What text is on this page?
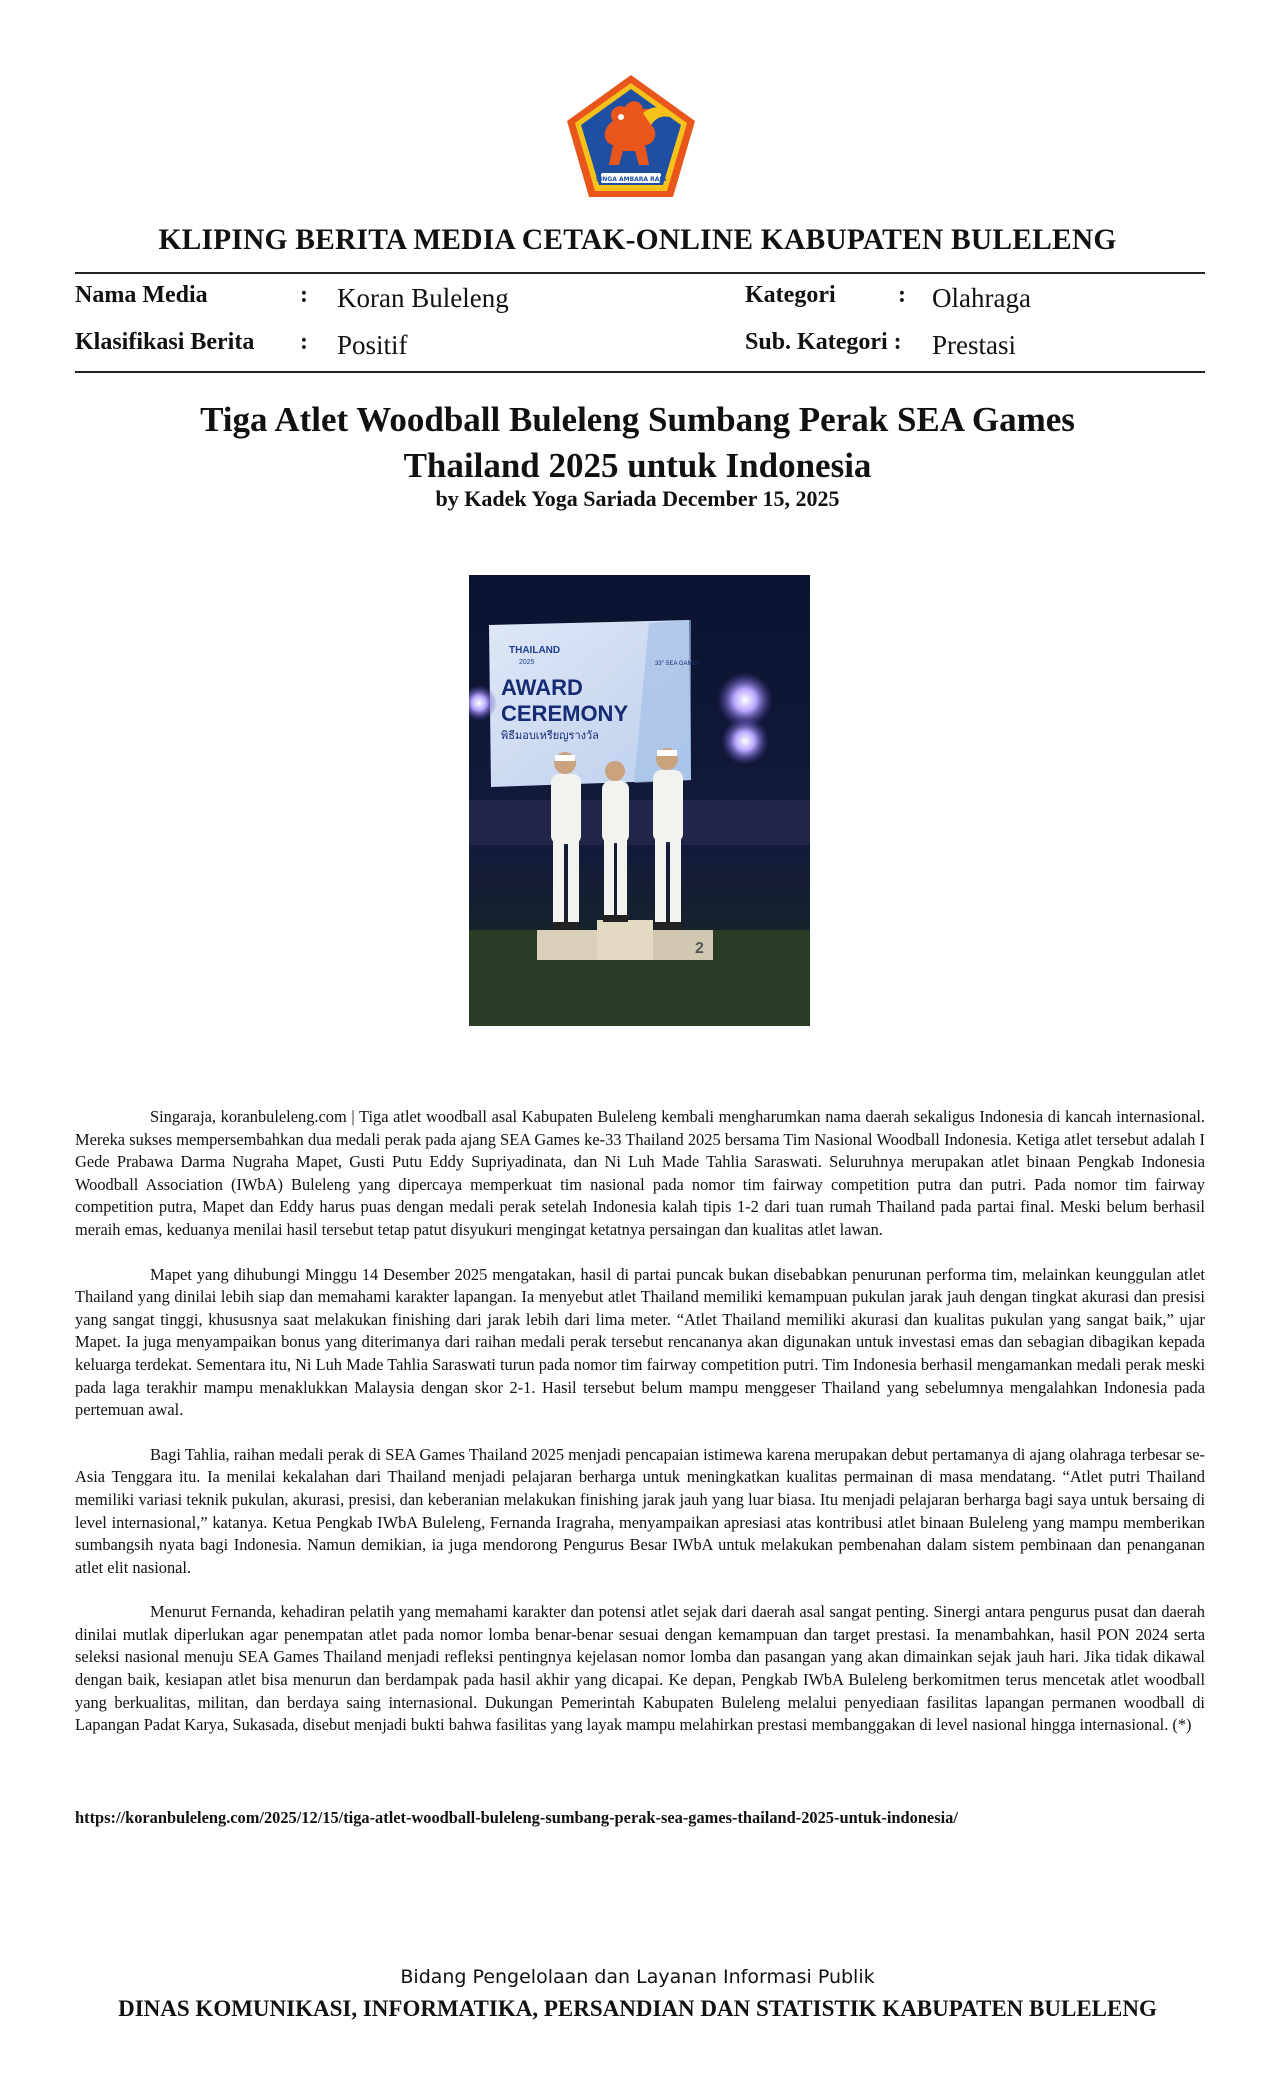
SINGA AMBARA RAJA
KLIPING BERITA MEDIA CETAK-ONLINE KABUPATEN BULELENG
Nama Media	: Koran Buleleng
Klasifikasi Berita : Positif
Kategori	: Olahraga
Sub. Kategori : Prestasi
Tiga Atlet Woodball Buleleng Sumbang Perak SEA Games
Thailand 2025 untuk Indonesia
by Kadek Yoga Sariada December 15, 2025
THAILAND
2025
AWARD
CEREMONY
พิธีมอบเหรียญรางวัล
33" SEA GAMES
2

Singaraja, koranbuleleng.com | Tiga atlet woodball asal Kabupaten Buleleng kembali mengharumkan nama daerah sekaligus Indonesia di kancah internasional. Mereka sukses mempersembahkan dua medali perak pada ajang SEA Games ke-33 Thailand 2025 bersama Tim Nasional Woodball Indonesia. Ketiga atlet tersebut adalah I Gede Prabawa Darma Nugraha Mapet, Gusti Putu Eddy Supriyadinata, dan Ni Luh Made Tahlia Saraswati. Seluruhnya merupakan atlet binaan Pengkab Indonesia Woodball Association (IWbA) Buleleng yang dipercaya memperkuat tim nasional pada nomor tim fairway competition putra dan putri. Pada nomor tim fairway competition putra, Mapet dan Eddy harus puas dengan medali perak setelah Indonesia kalah tipis 1-2 dari tuan rumah Thailand pada partai final. Meski belum berhasil meraih emas, keduanya menilai hasil tersebut tetap patut disyukuri mengingat ketatnya persaingan dan kualitas atlet lawan.

Mapet yang dihubungi Minggu 14 Desember 2025 mengatakan, hasil di partai puncak bukan disebabkan penurunan performa tim, melainkan keunggulan atlet Thailand yang dinilai lebih siap dan memahami karakter lapangan. Ia menyebut atlet Thailand memiliki kemampuan pukulan jarak jauh dengan tingkat akurasi dan presisi yang sangat tinggi, khususnya saat melakukan finishing dari jarak lebih dari lima meter. “Atlet Thailand memiliki akurasi dan kualitas pukulan yang sangat baik,” ujar Mapet. Ia juga menyampaikan bonus yang diterimanya dari raihan medali perak tersebut rencananya akan digunakan untuk investasi emas dan sebagian dibagikan kepada keluarga terdekat. Sementara itu, Ni Luh Made Tahlia Saraswati turun pada nomor tim fairway competition putri. Tim Indonesia berhasil mengamankan medali perak meski pada laga terakhir mampu menaklukkan Malaysia dengan skor 2-1. Hasil tersebut belum mampu menggeser Thailand yang sebelumnya mengalahkan Indonesia pada pertemuan awal.

Bagi Tahlia, raihan medali perak di SEA Games Thailand 2025 menjadi pencapaian istimewa karena merupakan debut pertamanya di ajang olahraga terbesar se-Asia Tenggara itu. Ia menilai kekalahan dari Thailand menjadi pelajaran berharga untuk meningkatkan kualitas permainan di masa mendatang. “Atlet putri Thailand memiliki variasi teknik pukulan, akurasi, presisi, dan keberanian melakukan finishing jarak jauh yang luar biasa. Itu menjadi pelajaran berharga bagi saya untuk bersaing di level internasional,” katanya. Ketua Pengkab IWbA Buleleng, Fernanda Iragraha, menyampaikan apresiasi atas kontribusi atlet binaan Buleleng yang mampu memberikan sumbangsih nyata bagi Indonesia. Namun demikian, ia juga mendorong Pengurus Besar IWbA untuk melakukan pembenahan dalam sistem pembinaan dan penanganan atlet elit nasional.

Menurut Fernanda, kehadiran pelatih yang memahami karakter dan potensi atlet sejak dari daerah asal sangat penting. Sinergi antara pengurus pusat dan daerah dinilai mutlak diperlukan agar penempatan atlet pada nomor lomba benar-benar sesuai dengan kemampuan dan target prestasi. Ia menambahkan, hasil PON 2024 serta seleksi nasional menuju SEA Games Thailand menjadi refleksi pentingnya kejelasan nomor lomba dan pasangan yang akan dimainkan sejak jauh hari. Jika tidak dikawal dengan baik, kesiapan atlet bisa menurun dan berdampak pada hasil akhir yang dicapai. Ke depan, Pengkab IWbA Buleleng berkomitmen terus mencetak atlet woodball yang berkualitas, militan, dan berdaya saing internasional. Dukungan Pemerintah Kabupaten Buleleng melalui penyediaan fasilitas lapangan permanen woodball di Lapangan Padat Karya, Sukasada, disebut menjadi bukti bahwa fasilitas yang layak mampu melahirkan prestasi membanggakan di level nasional hingga internasional. (*)

https://koranbuleleng.com/2025/12/15/tiga-atlet-woodball-buleleng-sumbang-perak-sea-games-thailand-2025-untuk-indonesia/
Bidang Pengelolaan dan Layanan Informasi Publik
DINAS KOMUNIKASI, INFORMATIKA, PERSANDIAN DAN STATISTIK KABUPATEN BULELENG
